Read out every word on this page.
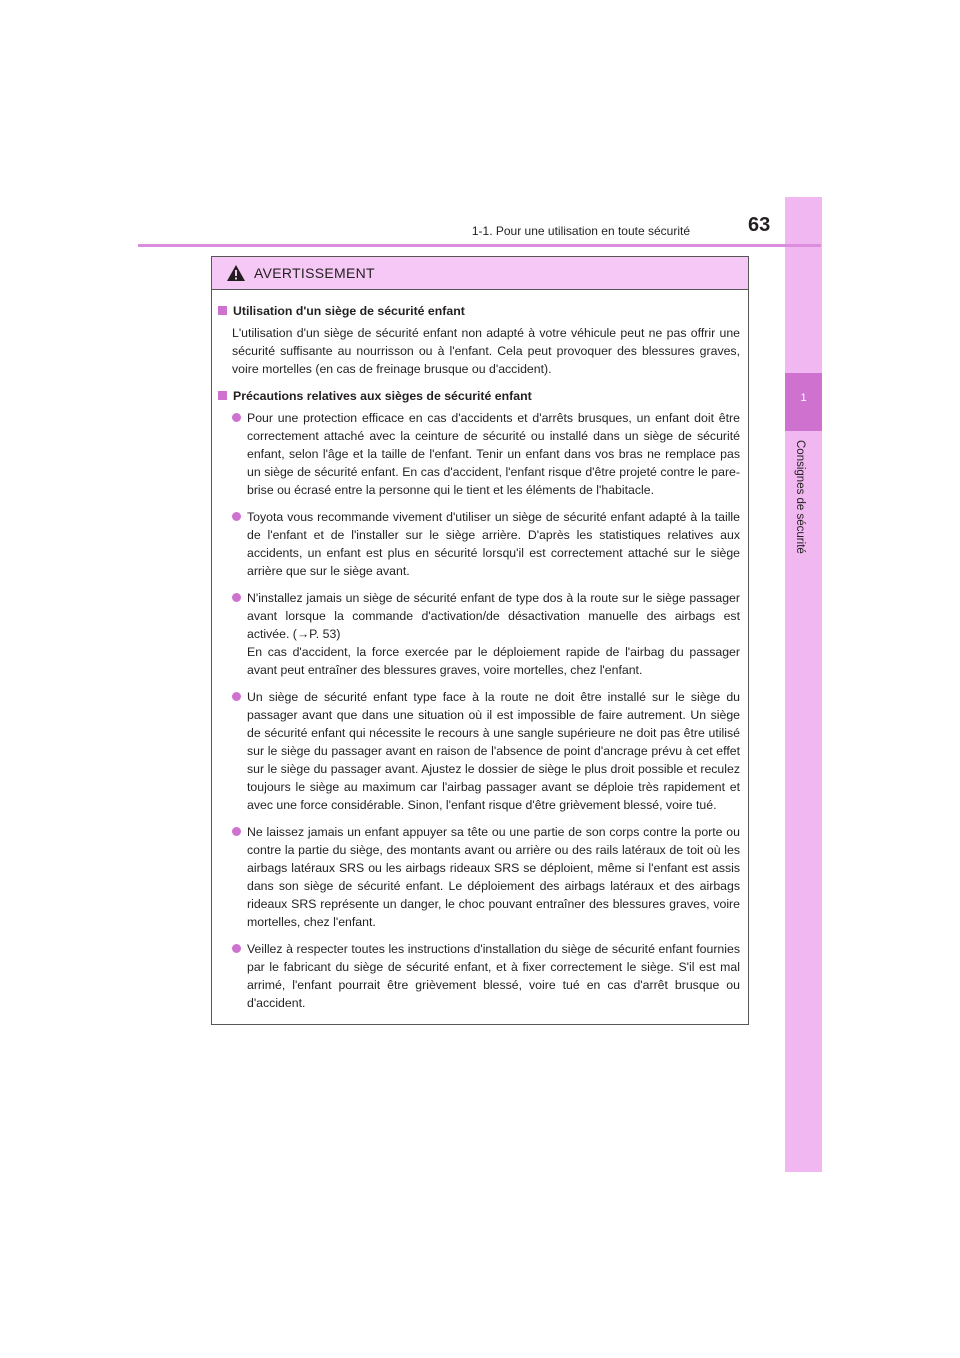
1
Consignes de sécurité
1-1. Pour une utilisation en toute sécurité	63
AVERTISSEMENT
Utilisation d'un siège de sécurité enfant
L'utilisation d'un siège de sécurité enfant non adapté à votre véhicule peut ne pas offrir une sécurité suffisante au nourrisson ou à l'enfant. Cela peut provoquer des blessures graves, voire mortelles (en cas de freinage brusque ou d'accident).
Précautions relatives aux sièges de sécurité enfant
Pour une protection efficace en cas d'accidents et d'arrêts brusques, un enfant doit être correctement attaché avec la ceinture de sécurité ou installé dans un siège de sécurité enfant, selon l'âge et la taille de l'enfant. Tenir un enfant dans vos bras ne remplace pas un siège de sécurité enfant. En cas d'accident, l'enfant risque d'être projeté contre le pare-brise ou écrasé entre la personne qui le tient et les éléments de l'habitacle.
Toyota vous recommande vivement d'utiliser un siège de sécurité enfant adapté à la taille de l'enfant et de l'installer sur le siège arrière. D'après les statistiques relatives aux accidents, un enfant est plus en sécurité lorsqu'il est correctement attaché sur le siège arrière que sur le siège avant.

N'installez jamais un siège de sécurité enfant de type dos à la route sur le siège passager avant lorsque la commande d'activation/de désactivation manuelle des airbags est activée. (→P. 53)

En cas d'accident, la force exercée par le déploiement rapide de l'airbag du passager avant peut entraîner des blessures graves, voire mortelles, chez l'enfant.

Un siège de sécurité enfant type face à la route ne doit être installé sur le siège du passager avant que dans une situation où il est impossible de faire autrement. Un siège de sécurité enfant qui nécessite le recours à une sangle supérieure ne doit pas être utilisé sur le siège du passager avant en raison de l'absence de point d'ancrage prévu à cet effet sur le siège du passager avant. Ajustez le dossier de siège le plus droit possible et reculez toujours le siège au maximum car l'airbag passager avant se déploie très rapidement et avec une force considérable. Sinon, l'enfant risque d'être grièvement blessé, voire tué.
Ne laissez jamais un enfant appuyer sa tête ou une partie de son corps contre la porte ou contre la partie du siège, des montants avant ou arrière ou des rails latéraux de toit où les airbags latéraux SRS ou les airbags rideaux SRS se déploient, même si l'enfant est assis dans son siège de sécurité enfant. Le déploiement des airbags latéraux et des airbags rideaux SRS représente un danger, le choc pouvant entraîner des blessures graves, voire mortelles, chez l'enfant.
Veillez à respecter toutes les instructions d'installation du siège de sécurité enfant fournies par le fabricant du siège de sécurité enfant, et à fixer correctement le siège. S'il est mal arrimé, l'enfant pourrait être grièvement blessé, voire tué en cas d'arrêt brusque ou d'accident.
